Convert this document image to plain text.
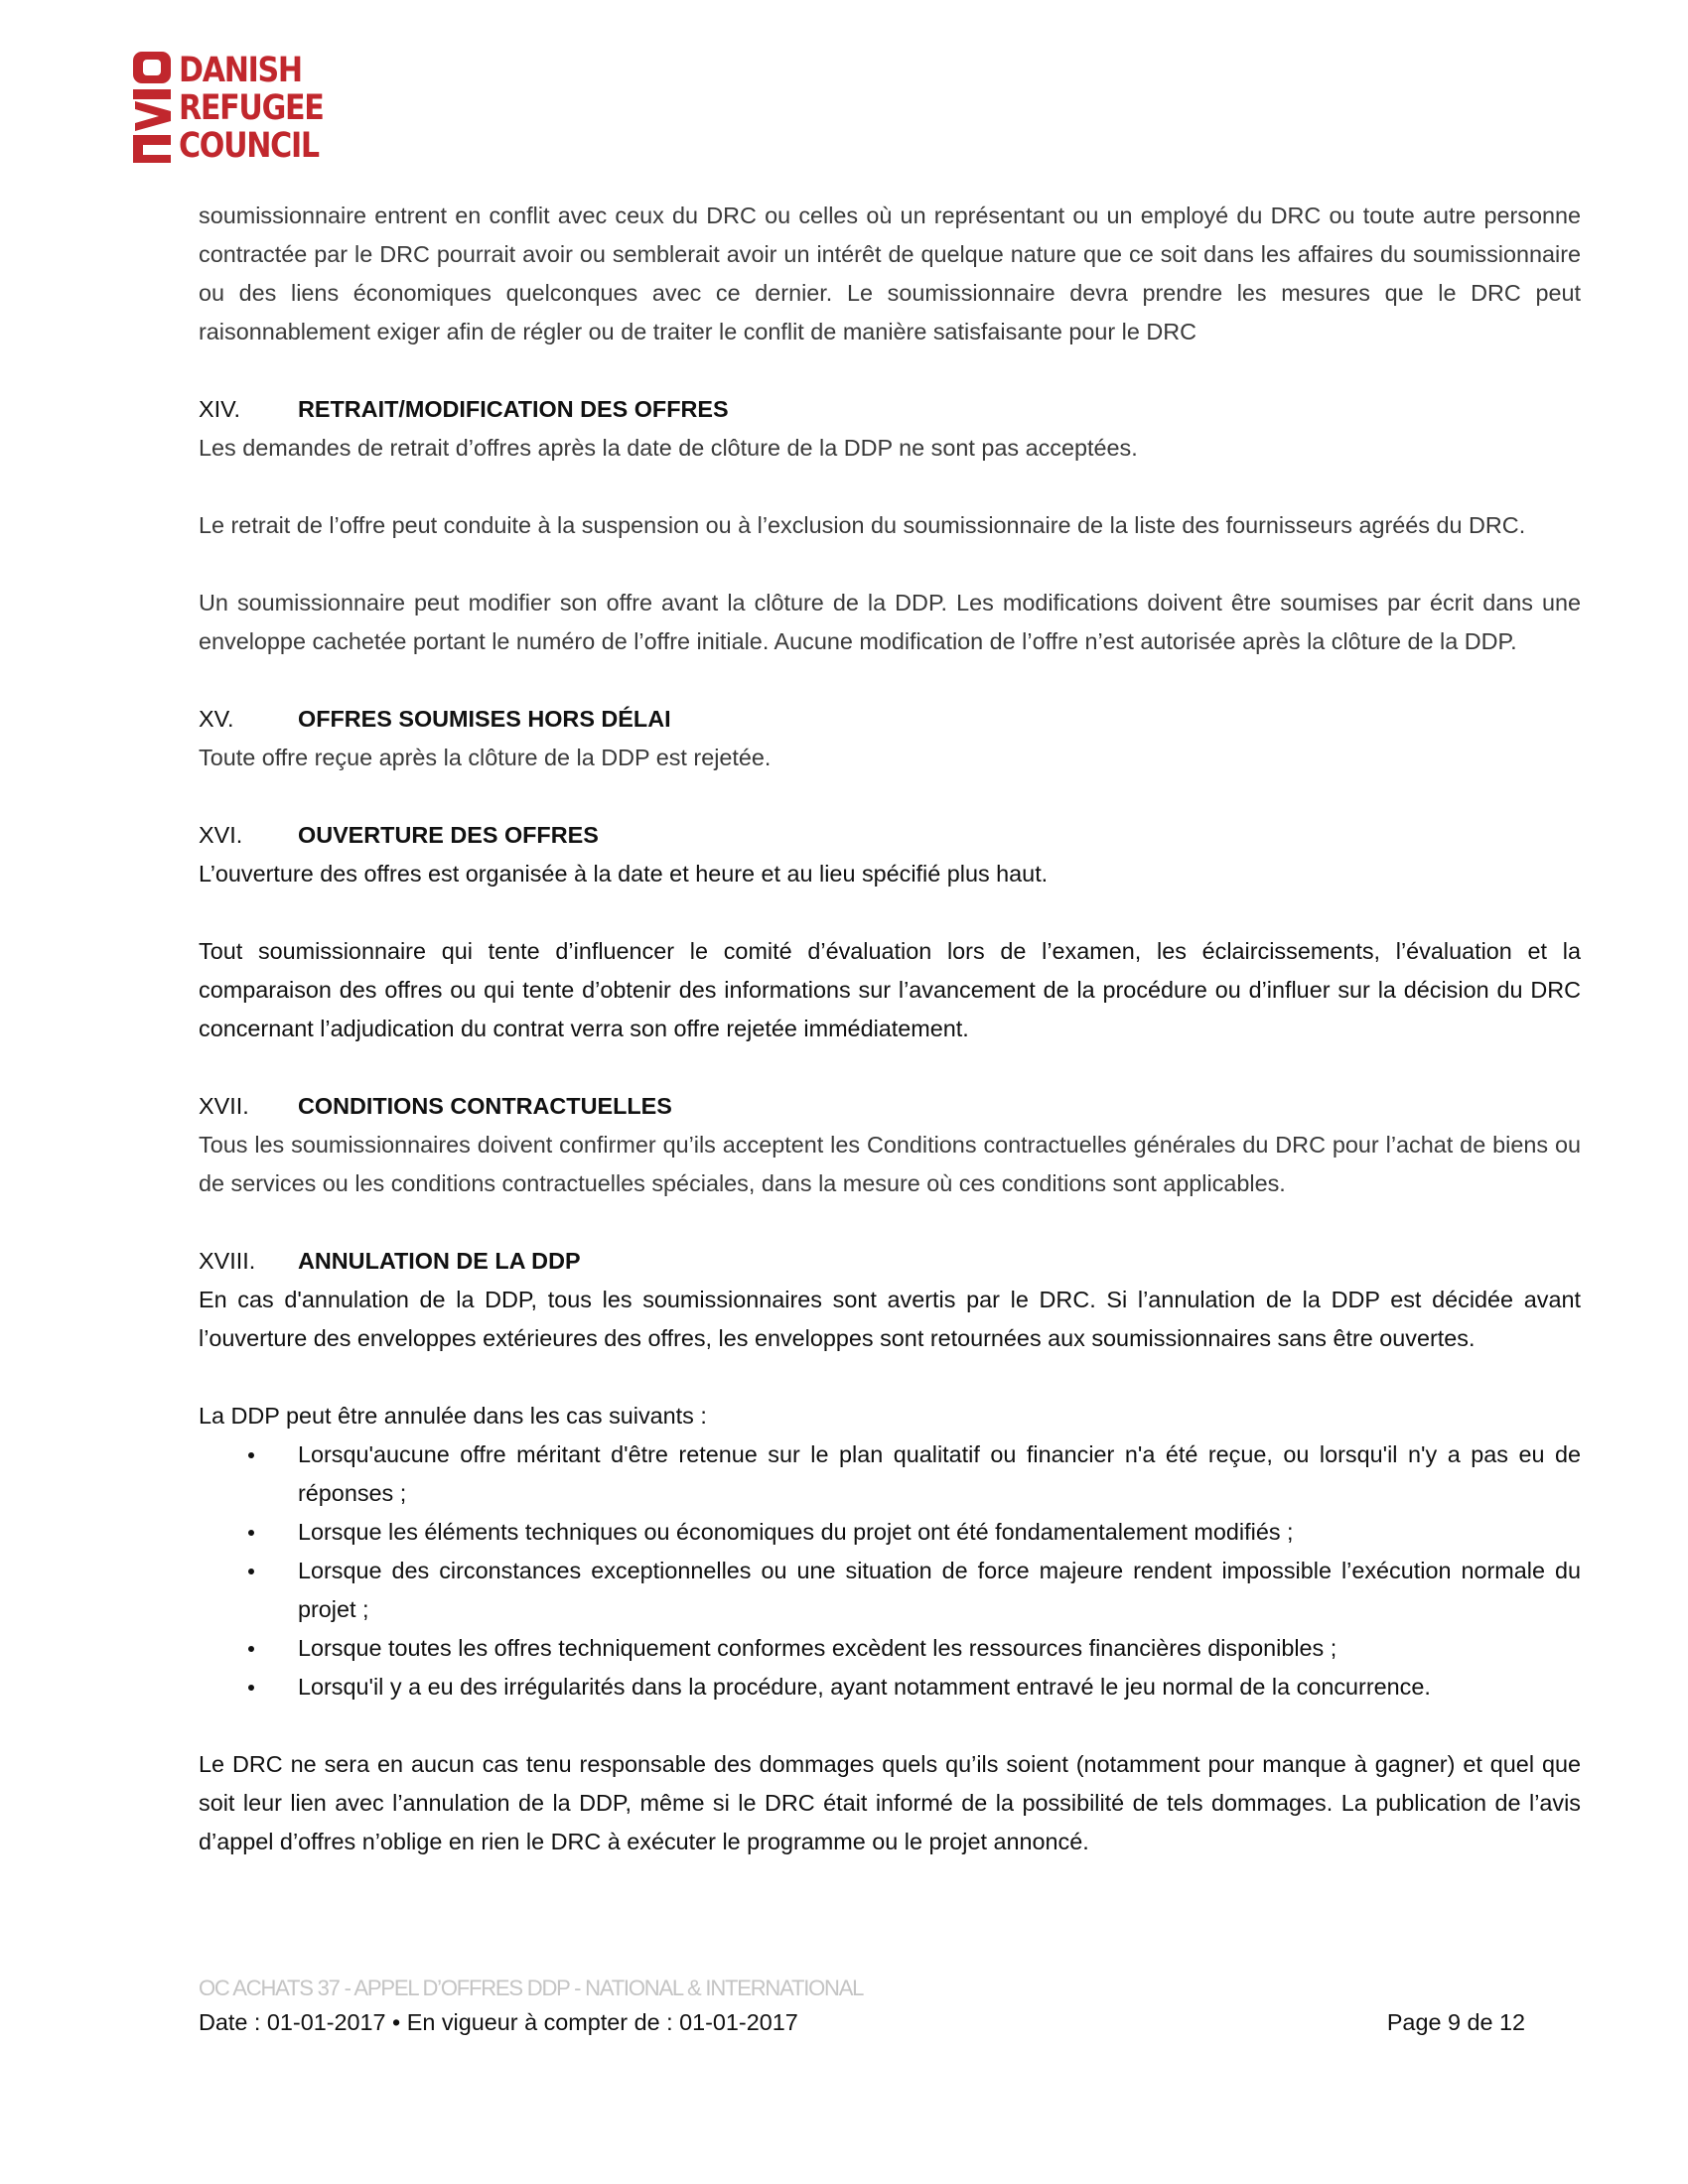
DANISH
REFUGEE
COUNCIL

soumissionnaire entrent en conflit avec ceux du DRC ou celles où un représentant ou un employé du DRC ou toute autre personne contractée par le DRC pourrait avoir ou semblerait avoir un intérêt de quelque nature que ce soit dans les affaires du soumissionnaire ou des liens économiques quelconques avec ce dernier. Le soumissionnaire devra prendre les mesures que le DRC peut raisonnablement exiger afin de régler ou de traiter le conflit de manière satisfaisante pour le DRC

XIV.	RETRAIT/MODIFICATION DES OFFRES

Les demandes de retrait d’offres après la date de clôture de la DDP ne sont pas acceptées.

Le retrait de l’offre peut conduite à la suspension ou à l’exclusion du soumissionnaire de la liste des fournisseurs agréés du DRC.

Un soumissionnaire peut modifier son offre avant la clôture de la DDP. Les modifications doivent être soumises par écrit dans une enveloppe cachetée portant le numéro de l’offre initiale. Aucune modification de l’offre n’est autorisée après la clôture de la DDP.

XV.	OFFRES SOUMISES HORS DÉLAI

Toute offre reçue après la clôture de la DDP est rejetée.

XVI.	OUVERTURE DES OFFRES

L’ouverture des offres est organisée à la date et heure et au lieu spécifié plus haut.

Tout soumissionnaire qui tente d’influencer le comité d’évaluation lors de l’examen, les éclaircissements, l’évaluation et la comparaison des offres ou qui tente d’obtenir des informations sur l’avancement de la procédure ou d’influer sur la décision du DRC concernant l’adjudication du contrat verra son offre rejetée immédiatement.

XVII.	CONDITIONS CONTRACTUELLES

Tous les soumissionnaires doivent confirmer qu’ils acceptent les Conditions contractuelles générales du DRC pour l’achat de biens ou de services ou les conditions contractuelles spéciales, dans la mesure où ces conditions sont applicables.

XVIII.	ANNULATION DE LA DDP

En cas d'annulation de la DDP, tous les soumissionnaires sont avertis par le DRC. Si l’annulation de la DDP est décidée avant l’ouverture des enveloppes extérieures des offres, les enveloppes sont retournées aux soumissionnaires sans être ouvertes.

La DDP peut être annulée dans les cas suivants :

Lorsqu'aucune offre méritant d'être retenue sur le plan qualitatif ou financier n'a été reçue, ou lorsqu'il n'y a pas eu de réponses ;
Lorsque les éléments techniques ou économiques du projet ont été fondamentalement modifiés ;
Lorsque des circonstances exceptionnelles ou une situation de force majeure rendent impossible l’exécution normale du projet ;
Lorsque toutes les offres techniquement conformes excèdent les ressources financières disponibles ;
Lorsqu'il y a eu des irrégularités dans la procédure, ayant notamment entravé le jeu normal de la concurrence.

Le DRC ne sera en aucun cas tenu responsable des dommages quels qu’ils soient (notamment pour manque à gagner) et quel que soit leur lien avec l’annulation de la DDP, même si le DRC était informé de la possibilité de tels dommages. La publication de l’avis d’appel d’offres n’oblige en rien le DRC à exécuter le programme ou le projet annoncé.

OC ACHATS 37 - APPEL D’OFFRES DDP - NATIONAL & INTERNATIONAL
Date : 01-01-2017 • En vigueur à compter de : 01-01-2017	Page 9 de 12
